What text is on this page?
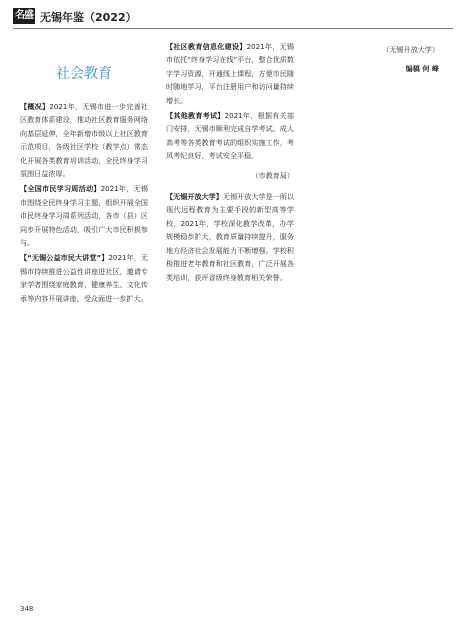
名盛 无锡年鉴（2022）
社会教育

【概况】2021年，无锡市进一步完善社区教育体系建设，推动社区教育服务网络向基层延伸，全年新增市级以上社区教育示范项目，各级社区学校（教学点）常态化开展各类教育培训活动，全民终身学习氛围日益浓厚。

【全国市民学习周活动】2021年，无锡市围绕全民终身学习主题，组织开展全国市民终身学习周系列活动，各市（县）区同步开展特色活动，吸引广大市民积极参与。

【“无锡公益市民大讲堂”】2021年，无锡市持续推进公益性讲座进社区，邀请专家学者围绕家庭教育、健康养生、文化传承等内容开展讲座，受众面进一步扩大。

【社区教育信息化建设】2021年，无锡市依托“终身学习在线”平台，整合优质数字学习资源，开通线上课程，方便市民随时随地学习，平台注册用户和访问量持续增长。

【其他教育考试】2021年，根据有关部门安排，无锡市顺利完成自学考试、成人高考等各类教育考试的组织实施工作，考风考纪良好，考试安全平稳。

（市教育局）

【无锡开放大学】无锡开放大学是一所以现代远程教育为主要手段的新型高等学校，2021年，学校深化教学改革，办学规模稳步扩大，教育质量持续提升，服务地方经济社会发展能力不断增强。学校积极推进老年教育和社区教育，广泛开展各类培训，获评省级终身教育相关荣誉。

（无锡开放大学）
编稿 何 峰
348
